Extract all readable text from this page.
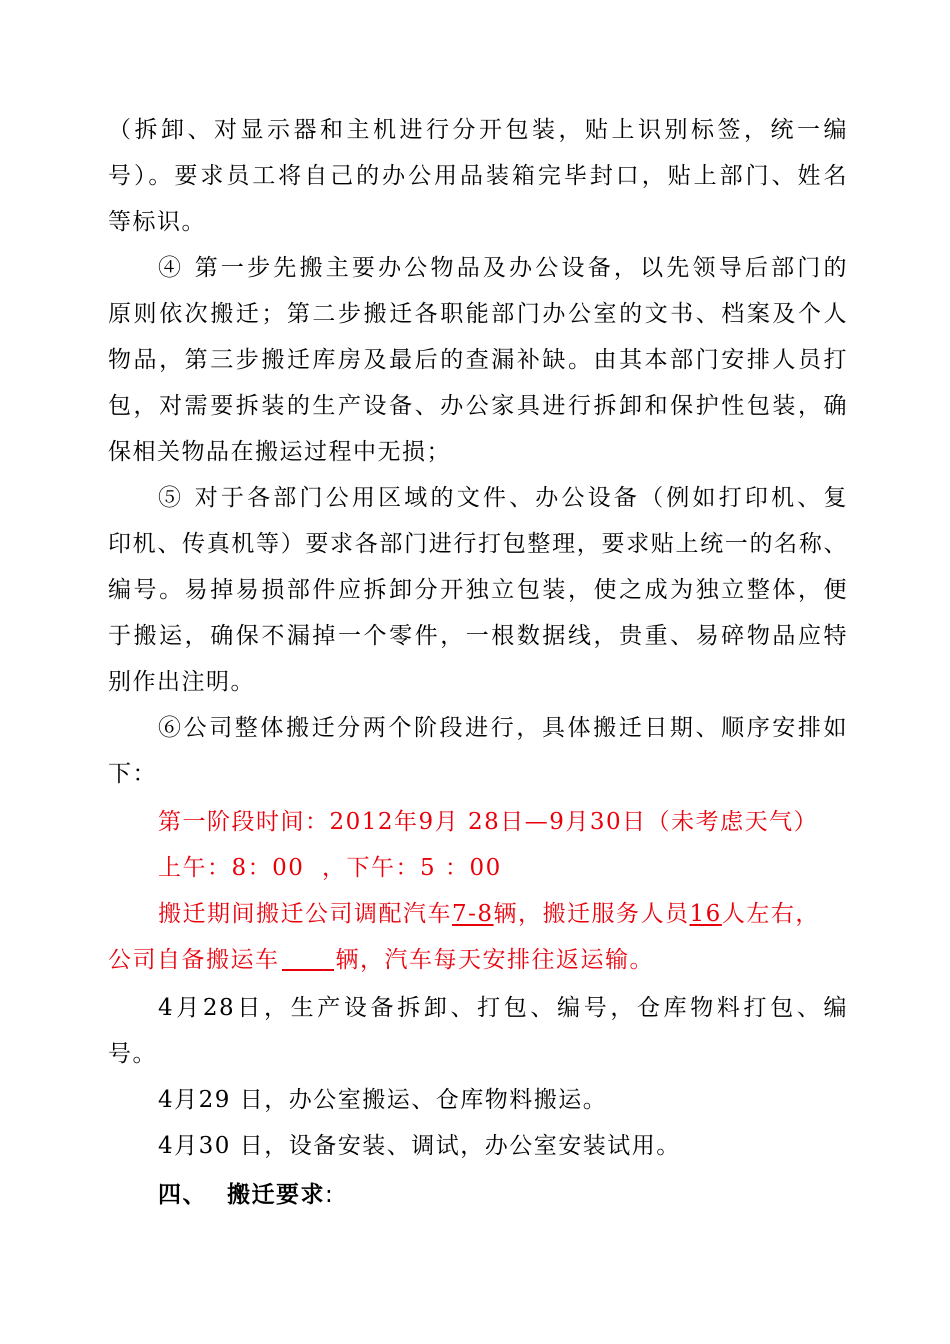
（拆卸、对显示器和主机进行分开包装，贴上识别标签，统一编
号）。要求员工将自己的办公用品装箱完毕封口，贴上部门、姓名
等标识。
④ 第一步先搬主要办公物品及办公设备，以先领导后部门的
原则依次搬迁；第二步搬迁各职能部门办公室的文书、档案及个人
物品，第三步搬迁库房及最后的查漏补缺。由其本部门安排人员打
包，对需要拆装的生产设备、办公家具进行拆卸和保护性包装，确
保相关物品在搬运过程中无损；
⑤ 对于各部门公用区域的文件、办公设备（例如打印机、复
印机、传真机等）要求各部门进行打包整理，要求贴上统一的名称、
编号。易掉易损部件应拆卸分开独立包装，使之成为独立整体，便
于搬运，确保不漏掉一个零件，一根数据线，贵重、易碎物品应特
别作出注明。
⑥公司整体搬迁分两个阶段进行，具体搬迁日期、顺序安排如
下：
第一阶段时间：2012年9月 28日—9月30日（未考虑天气）
上午：8：00  ，下午：5 ：00
搬迁期间搬迁公司调配汽车7-8辆，搬迁服务人员16人左右，
公司自备搬运车 辆，汽车每天安排往返运输。
4月28日，生产设备拆卸、打包、编号，仓库物料打包、编
号。
4月29 日，办公室搬运、仓库物料搬运。
4月30 日，设备安装、调试，办公室安装试用。
四、 搬迁要求:
